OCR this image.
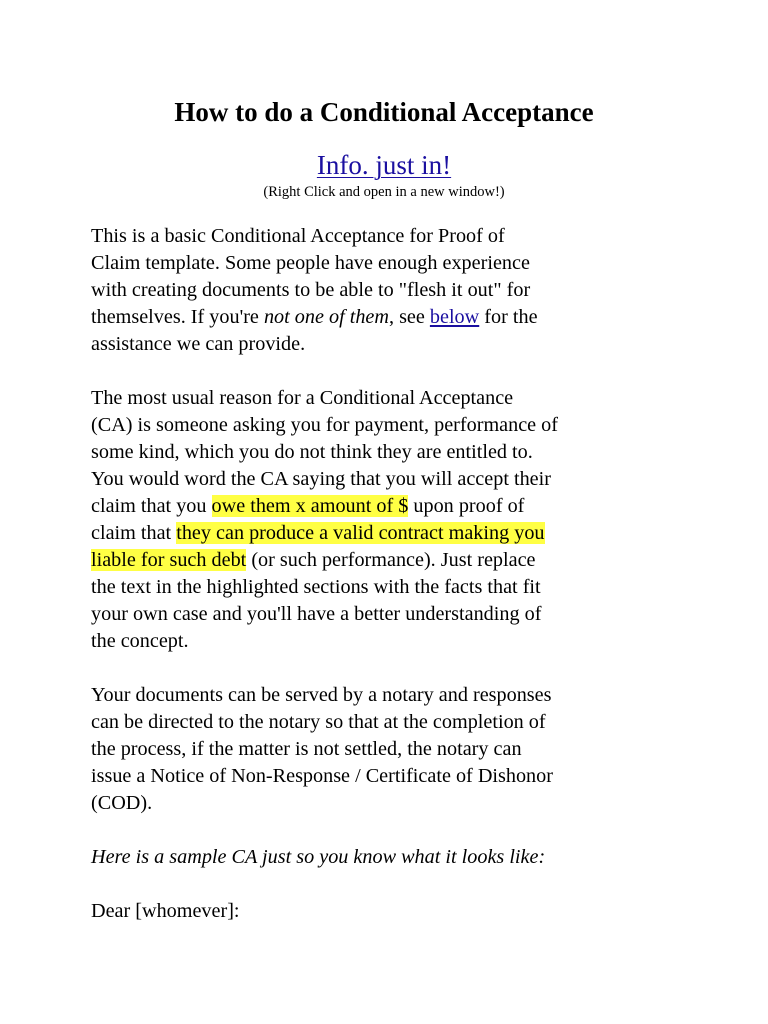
How to do a Conditional Acceptance
Info. just in!
(Right Click and open in a new window!)
This is a basic Conditional Acceptance for Proof of
Claim template. Some people have enough experience
with creating documents to be able to "flesh it out" for
themselves. If you're not one of them, see below for the
assistance we can provide.
The most usual reason for a Conditional Acceptance
(CA) is someone asking you for payment, performance of
some kind, which you do not think they are entitled to.
You would word the CA saying that you will accept their
claim that you owe them x amount of $ upon proof of
claim that they can produce a valid contract making you
liable for such debt (or such performance). Just replace
the text in the highlighted sections with the facts that fit
your own case and you'll have a better understanding of
the concept.
Your documents can be served by a notary and responses
can be directed to the notary so that at the completion of
the process, if the matter is not settled, the notary can
issue a Notice of Non-Response / Certificate of Dishonor
(COD).
Here is a sample CA just so you know what it looks like:
Dear [whomever]:
